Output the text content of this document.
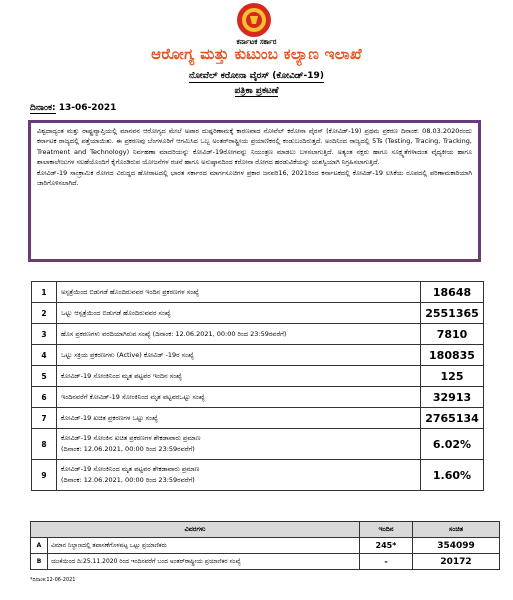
ಕರ್ನಾಟಕ ಸರ್ಕಾರ
ಆರೋಗ್ಯ ಮತ್ತು ಕುಟುಂಬ ಕಲ್ಯಾಣ ಇಲಾಖೆ
ನೋವೆಲ್ ಕರೋನಾ ವೈರಸ್ (ಕೋವಿಡ್-19)
ಪತ್ರಿಕಾ ಪ್ರಕಟಣೆ
ದಿನಾಂಕ: 13-06-2021

ವಿಶ್ವದಾದ್ಯಂತ ಮತ್ತು ರಾಷ್ಟ್ರವ್ಯಾಪ್ತಿಯಲ್ಲಿ ಮಾನವನ ಆರೋಗ್ಯದ ಮೇಲೆ ಅಪಾರ ದುಷ್ಪರಿಣಾಮಕ್ಕೆ ಕಾರಣವಾದ ನೋವೆಲ್ ಕರೋನಾ ವೈರಸ್ (ಕೋವಿಡ್-19) ಪ್ರಥಮ ಪ್ರಕರಣ ದಿನಾಂಕ: 08.03.2020ರಂದು ಕರ್ನಾಟಕ ರಾಜ್ಯದಲ್ಲಿ ಪತ್ತೆಯಾಯಿತು. ಈ ಪ್ರಕರಣವು ಬೆಂಗಳೂರಿಗೆ ಆಗಮಿಸಿದ ಒಬ್ಬ ಅಂತರ್‌ರಾಷ್ಟ್ರೀಯ ಪ್ರಯಾಣಿಕರಲ್ಲಿ ಕಂಡುಬಂದಿರುತ್ತದೆ. ಅಂದಿನಿಂದ ರಾಜ್ಯದಲ್ಲಿ 5Ts (Testing, Tracing, Tracking, Treatment and Technology) ನಿರ್ವಹಣಾ ಮಾದರಿಯನ್ನು ಕೋವಿಡ್-19ರೋಗವನ್ನು ನಿಯಂತ್ರಣ ಮಾಡಲು ಬಳಸಲಾಗುತ್ತಿದೆ. ಅತ್ಯಂತ ನಕ್ಷರು ಹಾಗೂ ಸೂಕ್ಷ್ಮತೆಗಳಾದಂತ ವೈದ್ಯಕೀಯ ಹಾಗೂ ಶಾಲಾಕಾಲೇಜುಗಳ ಸಲಹೆಯೊಂದಿಗೆ ಕೈಗೊಂಡಿರುವ ಯೋಜನೆಗಳ ರಚನೆ ಹಾಗೂ ಅನುಷ್ಠಾನದಿಂದ ಕರೋನಾ ರೋಗದ ಹರಡುವಿಕೆಯನ್ನು ಯಶಸ್ವಿಯಾಗಿ ನಿಗ್ರಹಿಸಲಾಗುತ್ತಿದೆ.

ಕೋವಿಡ್-19 ಸಾಂಕ್ರಾಮಿಕ ರೋಗದ ವಿರುದ್ಧದ ಹೋರಾಟದಲ್ಲಿ ಭಾರತ ಸರ್ಕಾರದ ಮಾರ್ಗಸೂಚಿಗಳ ಪ್ರಕಾರ ಜನವರಿ16, 2021ರಿಂದ ಕರ್ನಾಟಕದಲ್ಲಿ ಕೋವಿಡ್-19 ಲಸಿಕೆಯ ರೂಪದಲ್ಲಿ ಪರಿಣಾಮಕಾರಿಯಾಗಿ ಜಾರಿಗೊಳಿಸಲಾಗಿದೆ.

1	ಅಸ್ಪತ್ರೆಯಿಂದ ಬಿಡುಗಡೆ ಹೊಂದಿರುವವರ ಇಂದಿನ ಪ್ರಕರಣಗಳ ಸಂಖ್ಯೆ	18648
2	ಒಟ್ಟು ಆಸ್ಪತ್ರೆಯಿಂದ ಬಿಡುಗಡೆ ಹೊಂದಿರುವವರ ಸಂಖ್ಯೆ	2551365
3	ಹೊಸ ಪ್ರಕರಣಗಳು ವರದಿಯಾಗಿರುವ ಸಂಖ್ಯೆ (ದಿನಾಂಕ: 12.06.2021, 00:00 ರಿಂದ 23:59ರವರೆಗೆ)	7810
4	ಒಟ್ಟು ಸಕ್ರಿಯ ಪ್ರಕರಣಗಳು (Active) ಕೋವಿಡ್ -19ರ ಸಂಖ್ಯೆ	180835
5	ಕೋವಿಡ್-19 ಸೋಂಕಿನಿಂದ ಮೃತ ಪಟ್ಟವರ ಇಂದಿನ ಸಂಖ್ಯೆ	125
6	ಇಂದಿನವರೆಗೆ ಕೋವಿಡ್-19 ಸೋಂಕಿನಿಂದ ಮೃತ ಪಟ್ಟವರಒಟ್ಟು ಸಂಖ್ಯೆ	32913
7	ಕೋವಿಡ್-19 ಖಚಿತ ಪ್ರಕರಣಗಳ ಒಟ್ಟು ಸಂಖ್ಯೆ	2765134
8	ಕೋವಿಡ್-19 ಸೋಂಕಿನ ಖಚಿತ ಪ್ರಕರಣಗಳ ಶೇಕಡಾವಾರು ಪ್ರಮಾಣ
(ದಿನಾಂಕ: 12.06.2021, 00:00 ರಿಂದ 23:59ರವರೆಗೆ)	6.02%
9	ಕೋವಿಡ್-19 ಸೋಂಕಿನಿಂದ ಮೃತ ಪಟ್ಟವರ ಶೇಕಡಾವಾರು ಪ್ರಮಾಣ
(ದಿನಾಂಕ: 12.06.2021, 00:00 ರಿಂದ 23:59ರವರೆಗೆ)	1.60%
ವಿವರಗಳು		ಇಂದಿನ	ಸಂಚಿತ
A	ವಿಮಾನ ನಿಲ್ದಾಣದಲ್ಲಿ ತಪಾಸಣೆಗೊಳಪಟ್ಟ ಒಟ್ಟು ಪ್ರಯಾಣಿಕರು	245*	354099
B	ಯುಕೆಯಿಂದ ದಿ:25.11.2020 ರಿಂದ ಇಂದಿನವರೆಗೆ ಬಂದ ಅಂತರ್‌ರಾಷ್ಟ್ರೀಯ ಪ್ರಯಾಣಿಕರ ಸಂಖ್ಯೆ	-	20172
*ದಿನಾಂಕ:12-06-2021
